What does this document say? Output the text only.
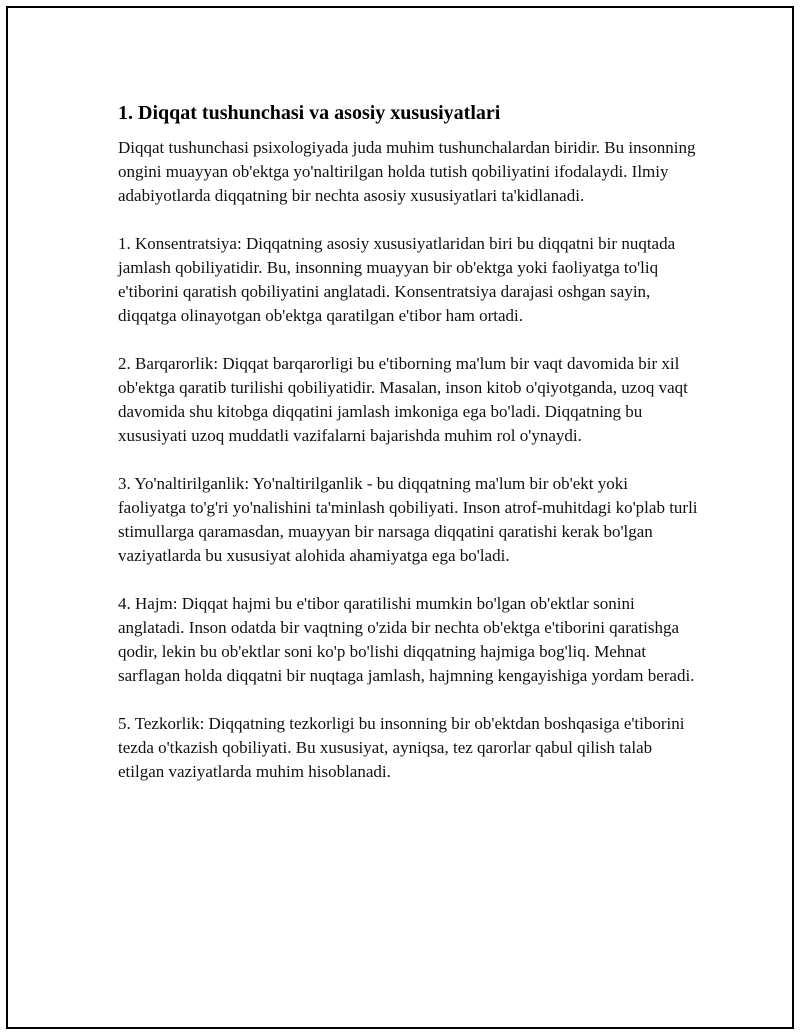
1. Diqqat tushunchasi va asosiy xususiyatlari

Diqqat tushunchasi psixologiyada juda muhim tushunchalardan biridir. Bu insonning ongini muayyan ob'ektga yo'naltirilgan holda tutish qobiliyatini ifodalaydi. Ilmiy adabiyotlarda diqqatning bir nechta asosiy xususiyatlari ta'kidlanadi.

1. Konsentratsiya: Diqqatning asosiy xususiyatlaridan biri bu diqqatni bir nuqtada jamlash qobiliyatidir. Bu, insonning muayyan bir ob'ektga yoki faoliyatga to'liq e'tiborini qaratish qobiliyatini anglatadi. Konsentratsiya darajasi oshgan sayin, diqqatga olinayotgan ob'ektga qaratilgan e'tibor ham ortadi.

2. Barqarorlik: Diqqat barqarorligi bu e'tiborning ma'lum bir vaqt davomida bir xil ob'ektga qaratib turilishi qobiliyatidir. Masalan, inson kitob o'qiyotganda, uzoq vaqt davomida shu kitobga diqqatini jamlash imkoniga ega bo'ladi. Diqqatning bu xususiyati uzoq muddatli vazifalarni bajarishda muhim rol o'ynaydi.

3. Yo'naltirilganlik: Yo'naltirilganlik - bu diqqatning ma'lum bir ob'ekt yoki faoliyatga to'g'ri yo'nalishini ta'minlash qobiliyati. Inson atrof-muhitdagi ko'plab turli stimullarga qaramasdan, muayyan bir narsaga diqqatini qaratishi kerak bo'lgan vaziyatlarda bu xususiyat alohida ahamiyatga ega bo'ladi.

4. Hajm: Diqqat hajmi bu e'tibor qaratilishi mumkin bo'lgan ob'ektlar sonini anglatadi. Inson odatda bir vaqtning o'zida bir nechta ob'ektga e'tiborini qaratishga qodir, lekin bu ob'ektlar soni ko'p bo'lishi diqqatning hajmiga bog'liq. Mehnat sarflagan holda diqqatni bir nuqtaga jamlash, hajmning kengayishiga yordam beradi.

5. Tezkorlik: Diqqatning tezkorligi bu insonning bir ob'ektdan boshqasiga e'tiborini tezda o'tkazish qobiliyati. Bu xususiyat, ayniqsa, tez qarorlar qabul qilish talab etilgan vaziyatlarda muhim hisoblanadi.
